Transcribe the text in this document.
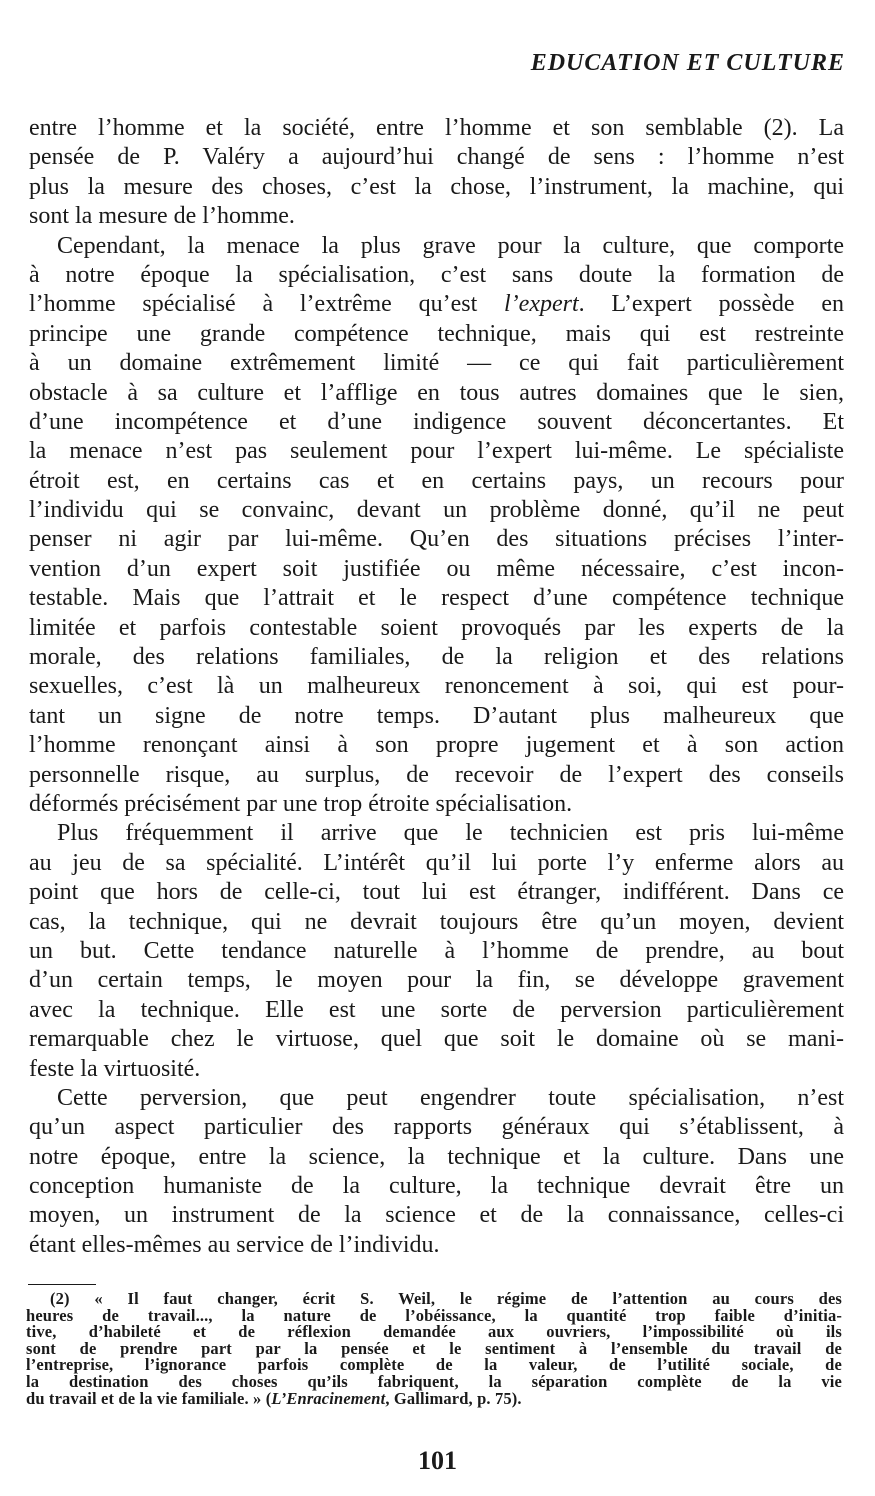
EDUCATION ET CULTURE
entre l’homme et la société, entre l’homme et son semblable (2). La
pensée de P. Valéry a aujourd’hui changé de sens : l’homme n’est
plus la mesure des choses, c’est la chose, l’instrument, la machine, qui
sont la mesure de l’homme.
Cependant, la menace la plus grave pour la culture, que comporte
à notre époque la spécialisation, c’est sans doute la formation de
l’homme spécialisé à l’extrême qu’est l’expert. L’expert possède en
principe une grande compétence technique, mais qui est restreinte
à un domaine extrêmement limité — ce qui fait particulièrement
obstacle à sa culture et l’afflige en tous autres domaines que le sien,
d’une incompétence et d’une indigence souvent déconcertantes. Et
la menace n’est pas seulement pour l’expert lui-même. Le spécialiste
étroit est, en certains cas et en certains pays, un recours pour
l’individu qui se convainc, devant un problème donné, qu’il ne peut
penser ni agir par lui-même. Qu’en des situations précises l’inter-
vention d’un expert soit justifiée ou même nécessaire, c’est incon-
testable. Mais que l’attrait et le respect d’une compétence technique
limitée et parfois contestable soient provoqués par les experts de la
morale, des relations familiales, de la religion et des relations
sexuelles, c’est là un malheureux renoncement à soi, qui est pour-
tant un signe de notre temps. D’autant plus malheureux que
l’homme renonçant ainsi à son propre jugement et à son action
personnelle risque, au surplus, de recevoir de l’expert des conseils
déformés précisément par une trop étroite spécialisation.
Plus fréquemment il arrive que le technicien est pris lui-même
au jeu de sa spécialité. L’intérêt qu’il lui porte l’y enferme alors au
point que hors de celle-ci, tout lui est étranger, indifférent. Dans ce
cas, la technique, qui ne devrait toujours être qu’un moyen, devient
un but. Cette tendance naturelle à l’homme de prendre, au bout
d’un certain temps, le moyen pour la fin, se développe gravement
avec la technique. Elle est une sorte de perversion particulièrement
remarquable chez le virtuose, quel que soit le domaine où se mani-
feste la virtuosité.
Cette perversion, que peut engendrer toute spécialisation, n’est
qu’un aspect particulier des rapports généraux qui s’établissent, à
notre époque, entre la science, la technique et la culture. Dans une
conception humaniste de la culture, la technique devrait être un
moyen, un instrument de la science et de la connaissance, celles-ci
étant elles-mêmes au service de l’individu.
(2) « Il faut changer, écrit S. Weil, le régime de l’attention au cours des
heures de travail..., la nature de l’obéissance, la quantité trop faible d’initia-
tive, d’habileté et de réflexion demandée aux ouvriers, l’impossibilité où ils
sont de prendre part par la pensée et le sentiment à l’ensemble du travail de
l’entreprise, l’ignorance parfois complète de la valeur, de l’utilité sociale, de
la destination des choses qu’ils fabriquent, la séparation complète de la vie
du travail et de la vie familiale. » (L’Enracinement, Gallimard, p. 75).
101
